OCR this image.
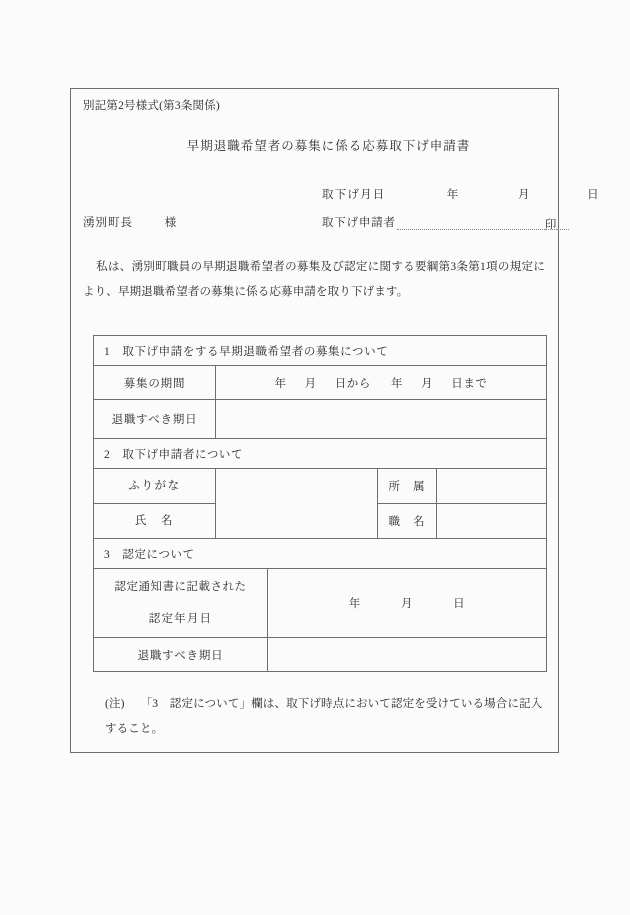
別記第2号様式(第3条関係)
早期退職希望者の募集に係る応募取下げ申請書
取下げ月日	年	月	日
湧別町長	様	取下げ申請者	印
私は、湧別町職員の早期退職希望者の募集及び認定に関する要綱第3条第1項の規定により、早期退職希望者の募集に係る応募申請を取り下げます。
1 取下げ申請をする早期退職希望者の募集について				
募集の期間	年 月 日から 年 月 日まで			
退職すべき期日				
2 取下げ申請者について				
ふりがな			所　属	
氏　名			職　名	
3 認定について				

認定通知書に記載された
認定年月日		年 月 日		
退職すべき期日				
(注) 「3　認定について」欄は、取下げ時点において認定を受けている場合に記入すること。
